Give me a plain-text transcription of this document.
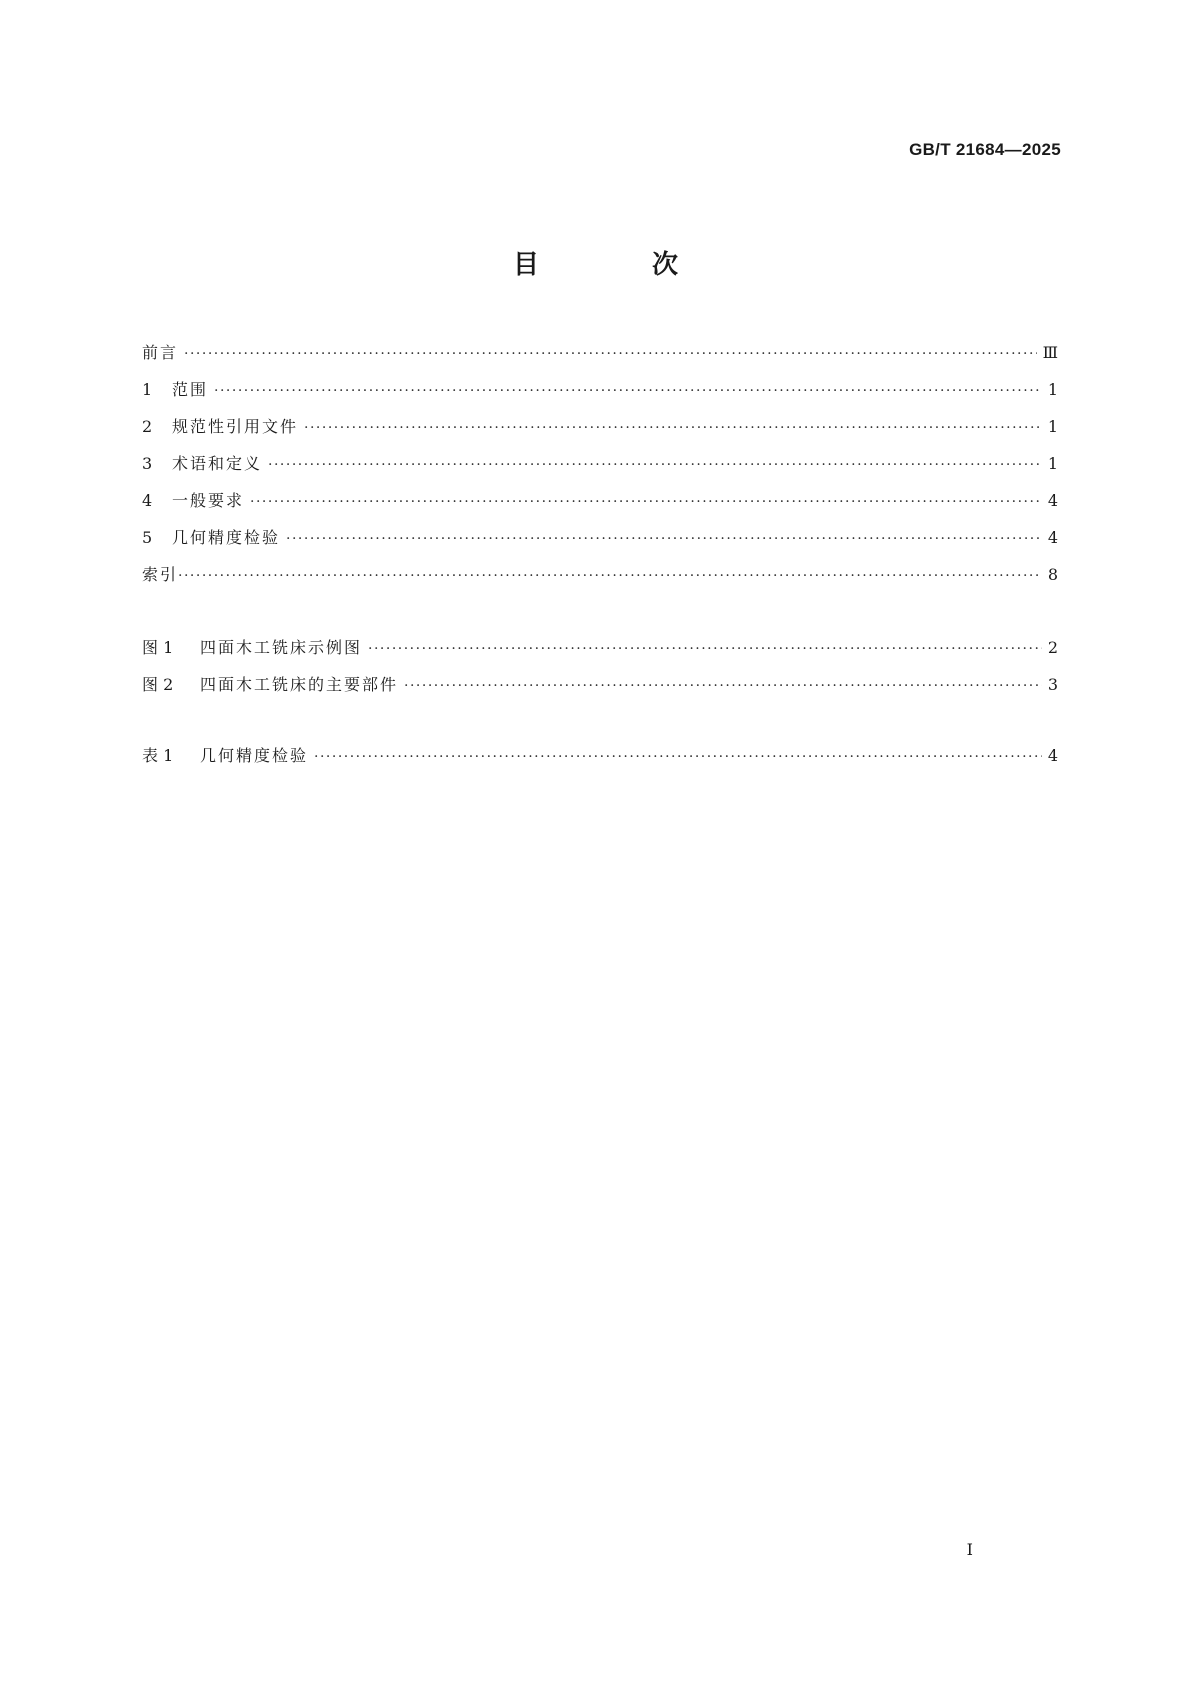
GB/T 21684—2025
目 次
前言 ·····	Ⅲ
1	范围 ·····	1
2	规范性引用文件 ·····	1
3	术语和定义 ·····	1
4	一般要求 ·····	4
5	几何精度检验 ·····	4
索引 ·····	8
图 1	四面木工铣床示例图 ·····	2
图 2	四面木工铣床的主要部件 ·····	3
表 1	几何精度检验 ·····	4
Ⅰ
